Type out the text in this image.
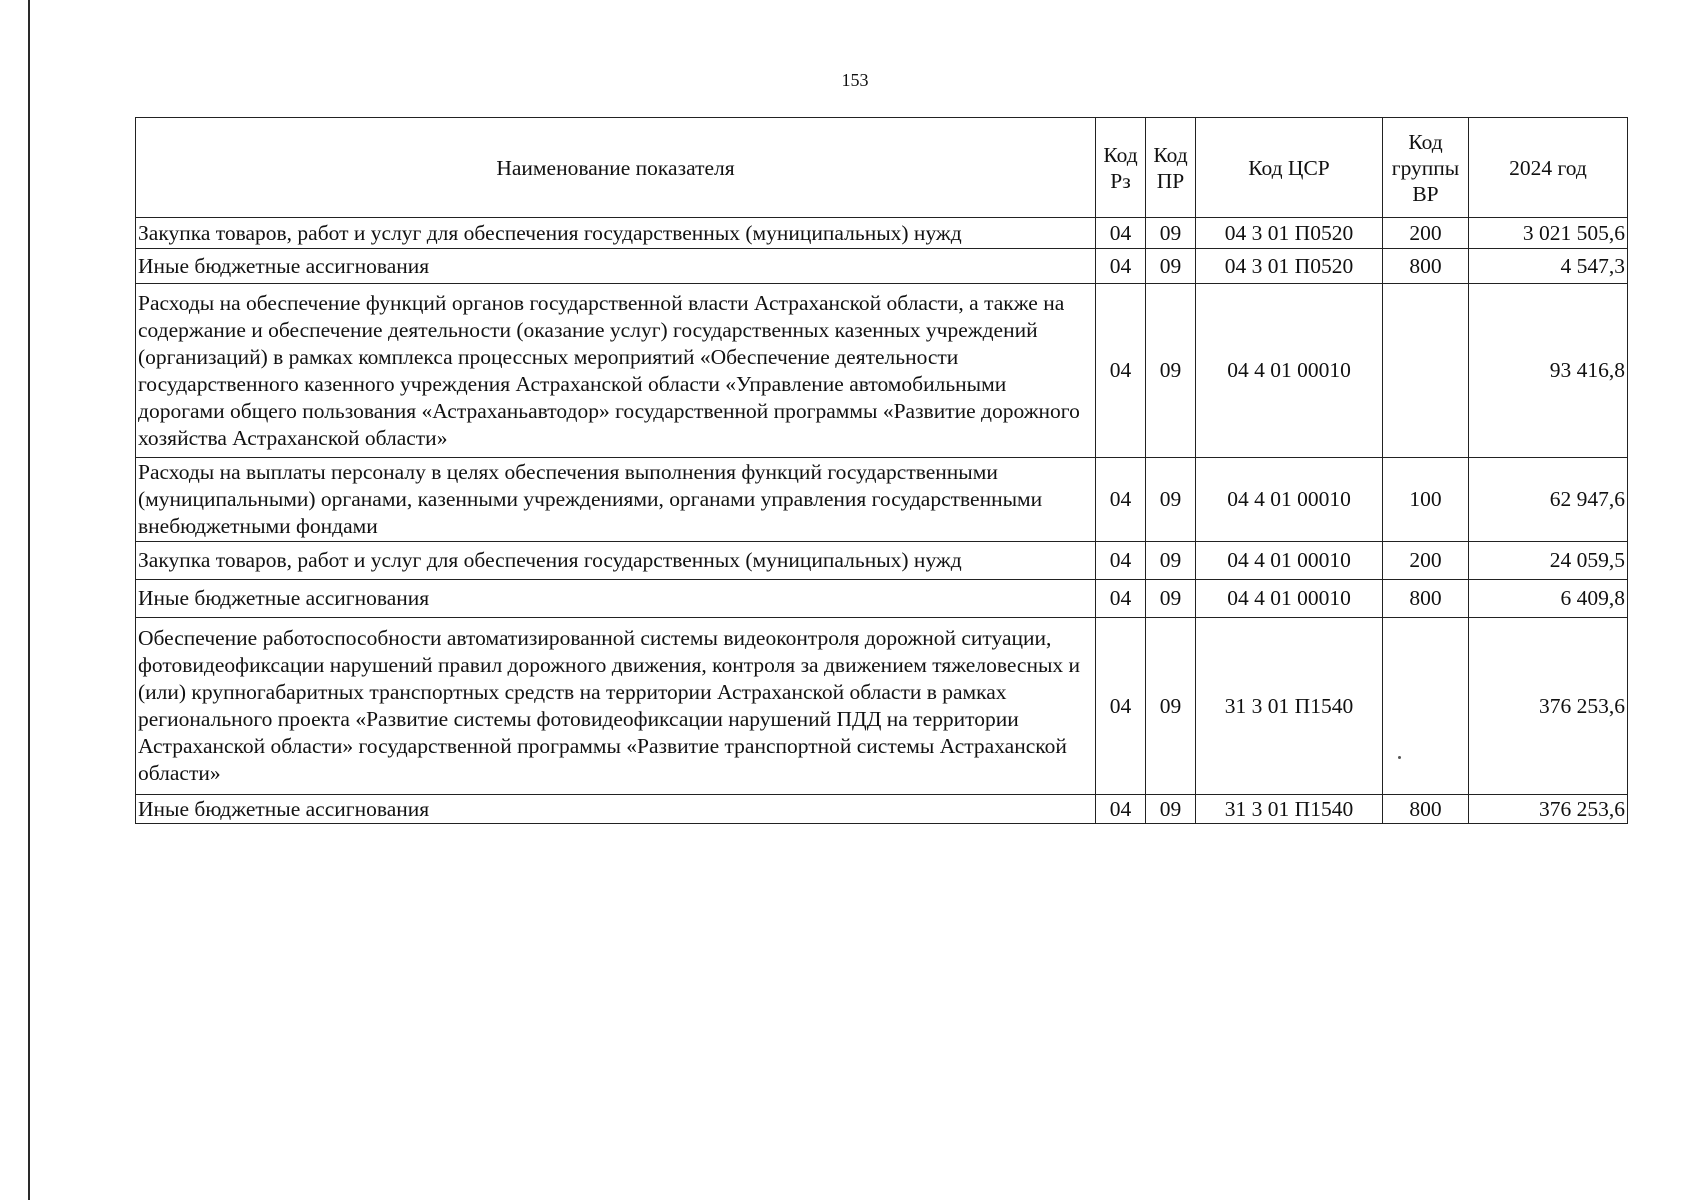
153
Наименование показателя	Код Рз	Код ПР	Код ЦСР	Код группы ВР	2024 год
Закупка товаров, работ и услуг для обеспечения государственных (муниципальных) нужд	04	09	04 3 01 П0520	200	3 021 505,6
Иные бюджетные ассигнования	04	09	04 3 01 П0520	800	4 547,3
Расходы на обеспечение функций органов государственной власти Астраханской области, а также на содержание и обеспечение деятельности (оказание услуг) государственных казенных учреждений (организаций) в рамках комплекса процессных мероприятий «Обеспечение деятельности государственного казенного учреждения Астраханской области «Управление автомобильными дорогами общего пользования «Астраханьавтодор» государственной программы «Развитие дорожного хозяйства Астраханской области»	04	09	04 4 01 00010		93 416,8
Расходы на выплаты персоналу в целях обеспечения выполнения функций государственными (муниципальными) органами, казенными учреждениями, органами управления государственными внебюджетными фондами	04	09	04 4 01 00010	100	62 947,6
Закупка товаров, работ и услуг для обеспечения государственных (муниципальных) нужд	04	09	04 4 01 00010	200	24 059,5
Иные бюджетные ассигнования	04	09	04 4 01 00010	800	6 409,8
Обеспечение работоспособности автоматизированной системы видеоконтроля дорожной ситуации, фотовидеофиксации нарушений правил дорожного движения, контроля за движением тяжеловесных и (или) крупногабаритных транспортных средств на территории Астраханской области в рамках регионального проекта «Развитие системы фотовидеофиксации нарушений ПДД на территории Астраханской области» государственной программы «Развитие транспортной системы Астраханской области»	04	09	31 3 01 П1540		376 253,6
Иные бюджетные ассигнования	04	09	31 3 01 П1540	800	376 253,6
